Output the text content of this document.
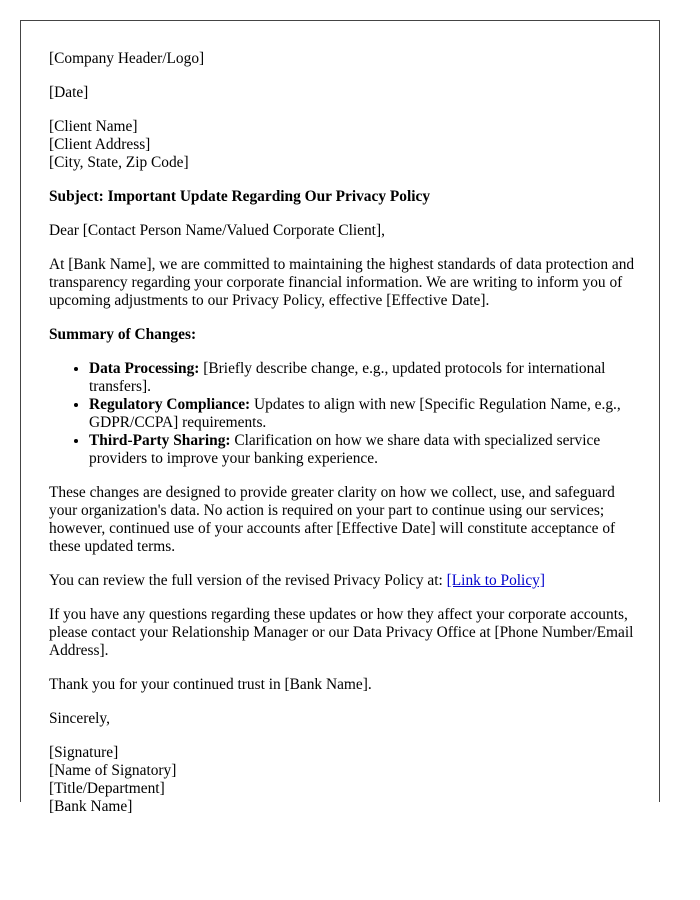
[Company Header/Logo]

[Date]

[Client Name]
[Client Address]
[City, State, Zip Code]

Subject: Important Update Regarding Our Privacy Policy

Dear [Contact Person Name/Valued Corporate Client],

At [Bank Name], we are committed to maintaining the highest standards of data protection and transparency regarding your corporate financial information. We are writing to inform you of upcoming adjustments to our Privacy Policy, effective [Effective Date].

Summary of Changes:

• Data Processing: [Briefly describe change, e.g., updated protocols for international transfers].
• Regulatory Compliance: Updates to align with new [Specific Regulation Name, e.g., GDPR/CCPA] requirements.
• Third-Party Sharing: Clarification on how we share data with specialized service providers to improve your banking experience.

These changes are designed to provide greater clarity on how we collect, use, and safeguard your organization's data. No action is required on your part to continue using our services; however, continued use of your accounts after [Effective Date] will constitute acceptance of these updated terms.

You can review the full version of the revised Privacy Policy at: [Link to Policy]

If you have any questions regarding these updates or how they affect your corporate accounts, please contact your Relationship Manager or our Data Privacy Office at [Phone Number/Email Address].

Thank you for your continued trust in [Bank Name].

Sincerely,

[Signature]
[Name of Signatory]
[Title/Department]
[Bank Name]
